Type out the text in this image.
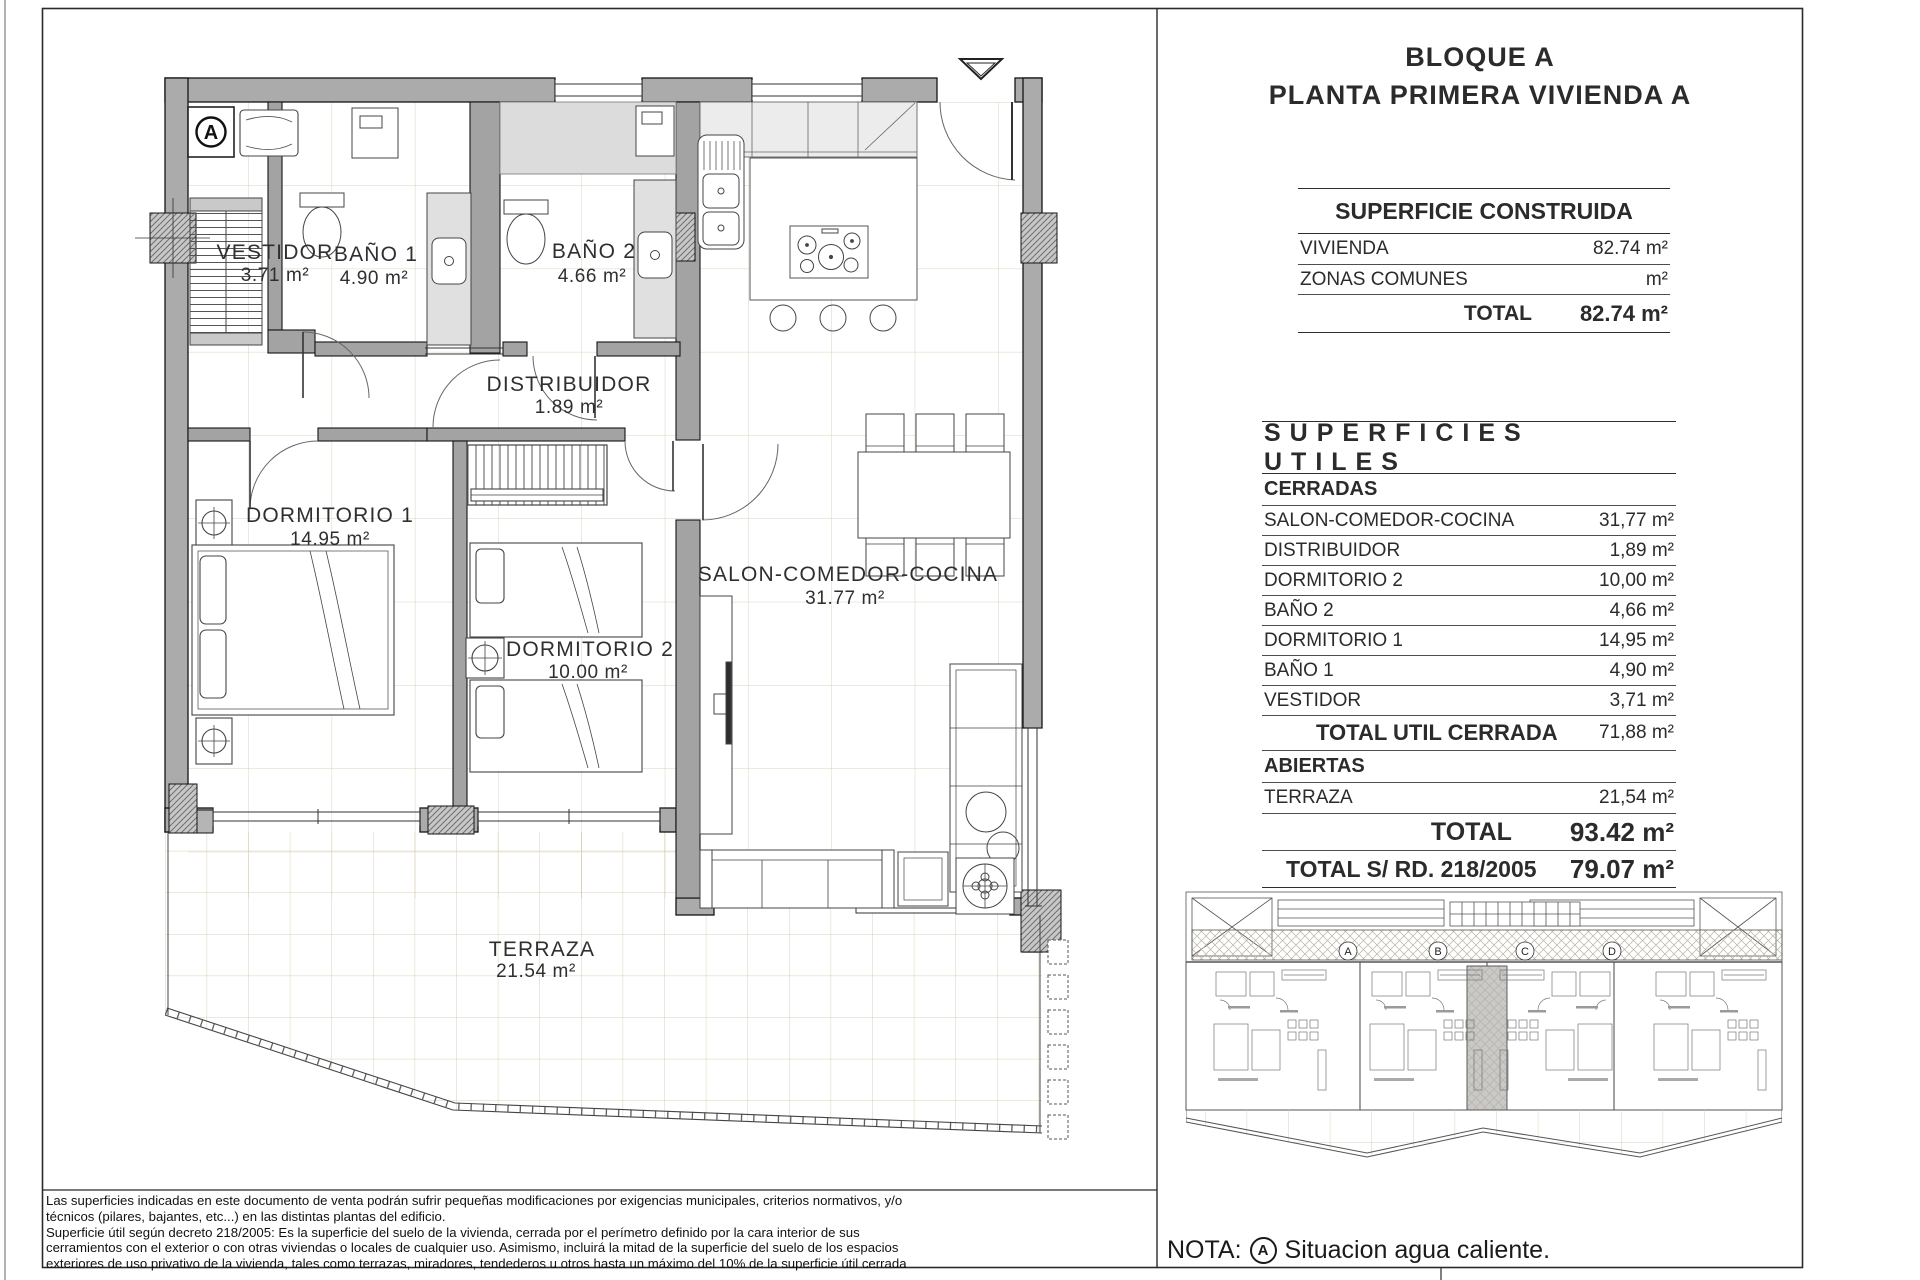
A
A	B	C	D
VESTIDOR
3.71 m²
BAÑO 1
4.90 m²
BAÑO 2
4.66 m²
DISTRIBUIDOR
1.89 m²
DORMITORIO 1
14.95 m²
DORMITORIO 2
10.00 m²
SALON-COMEDOR-COCINA
31.77 m²
TERRAZA
21.54 m²
BLOQUE A
PLANTA PRIMERA VIVIENDA A
SUPERFICIE CONSTRUIDA
VIVIENDA	82.74 m²
ZONAS COMUNES	m²
TOTAL	82.74 m²
SUPERFICIES UTILES
CERRADAS
SALON-COMEDOR-COCINA	31,77 m²
DISTRIBUIDOR	1,89 m²
DORMITORIO 2	10,00 m²
BAÑO 2	4,66 m²
DORMITORIO 1	14,95 m²
BAÑO 1	4,90 m²
VESTIDOR	3,71 m²
TOTAL UTIL CERRADA 71,88 m²
ABIERTAS
TERRAZA	21,54 m²
TOTAL	93.42 m²
TOTAL S/ RD. 218/2005 79.07 m²
Las superficies indicadas en este documento de venta podrán sufrir pequeñas modificaciones por exigencias municipales, criterios normativos, y/o
técnicos (pilares, bajantes, etc...) en las distintas plantas del edificio.
Superficie útil según decreto 218/2005: Es la superficie del suelo de la vivienda, cerrada por el perímetro definido por la cara interior de sus
cerramientos con el exterior o con otras viviendas o locales de cualquier uso. Asimismo, incluirá la mitad de la superficie del suelo de los espacios
exteriores de uso privativo de la vivienda, tales como terrazas, miradores, tendederos u otros hasta un máximo del 10% de la superficie útil cerrada	NOTA:	A Situacion agua caliente.
